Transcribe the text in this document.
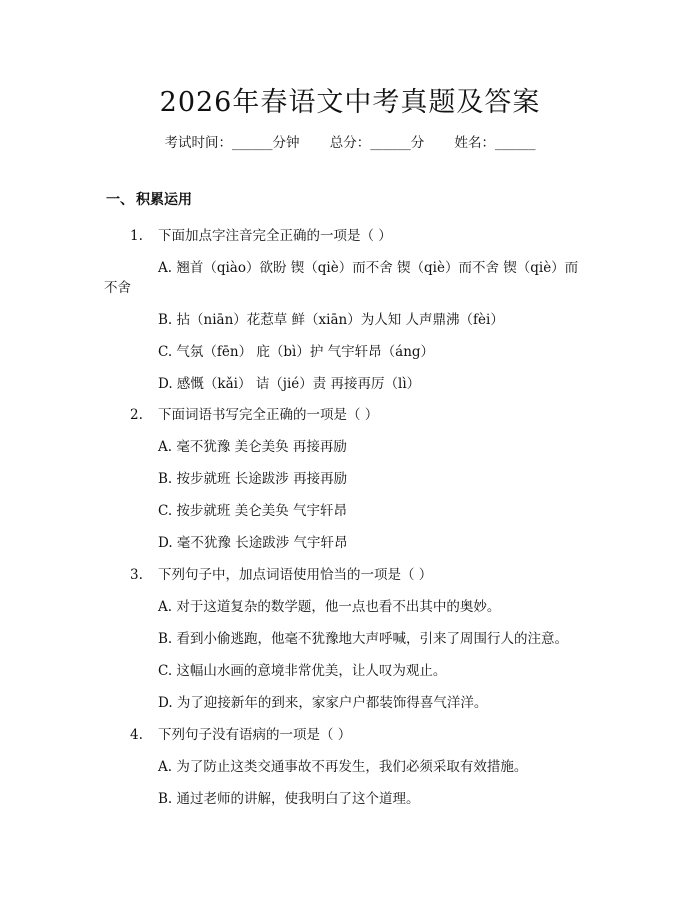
2026年春语文中考真题及答案
考试时间：______分钟 总分：______分 姓名：______
一、 积累运用
1. 下面加点字注音完全正确的一项是（ ）
A. 翘首（qiào）欲盼 锲（qiè）而不舍 锲（qiè）而不舍 锲（qiè）而
不舍
B. 拈（niān）花惹草 鲜（xiān）为人知 人声鼎沸（fèi）
C. 气氛（fēn） 庇（bì）护 气宇轩昂（áng）
D. 感慨（kǎi） 诘（jié）责 再接再厉（lì）
2. 下面词语书写完全正确的一项是（ ）
A. 毫不犹豫 美仑美奂 再接再励
B. 按步就班 长途跋涉 再接再励
C. 按步就班 美仑美奂 气宇轩昂
D. 毫不犹豫 长途跋涉 气宇轩昂
3. 下列句子中，加点词语使用恰当的一项是（ ）
A. 对于这道复杂的数学题，他一点也看不出其中的奥妙。
B. 看到小偷逃跑，他毫不犹豫地大声呼喊，引来了周围行人的注意。
C. 这幅山水画的意境非常优美，让人叹为观止。
D. 为了迎接新年的到来，家家户户都装饰得喜气洋洋。
4. 下列句子没有语病的一项是（ ）
A. 为了防止这类交通事故不再发生，我们必须采取有效措施。
B. 通过老师的讲解，使我明白了这个道理。
